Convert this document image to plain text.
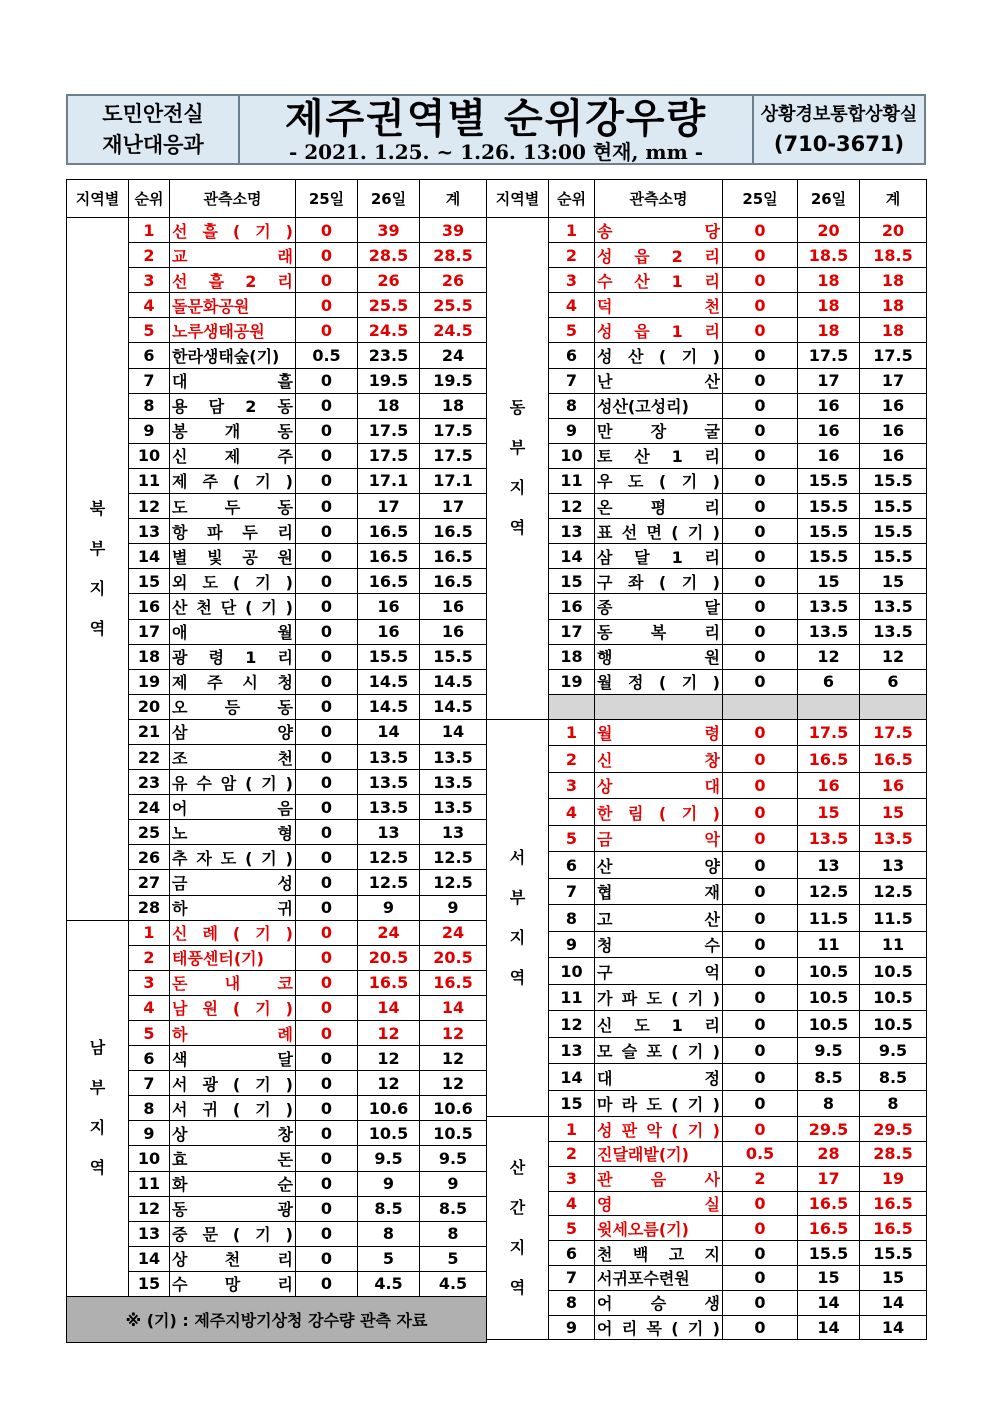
도민안전실
재난대응과
제주권역별 순위강우량
- 2021. 1.25. ~ 1.26. 13:00 현재, mm -
상황경보통합상황실
(710-3671)
지역별	순위	관측소명	25일	26일	계

북
부
지
역	1	선 흘 ( 기 )	0	39	39
	2	교 래	0	28.5	28.5
	3	선 흘 2 리	0	26	26
	4	돌문화공원	0	25.5	25.5
	5	노루생태공원	0	24.5	24.5
	6	한라생태숲(기)	0.5	23.5	24
	7	대 흘	0	19.5	19.5
	8	용 담 2 동	0	18	18
	9	봉 개 동	0	17.5	17.5
	10	신 제 주	0	17.5	17.5
	11	제 주 ( 기 )	0	17.1	17.1
	12	도 두 동	0	17	17
	13	항 파 두 리	0	16.5	16.5
	14	별 빛 공 원	0	16.5	16.5
	15	외 도 ( 기 )	0	16.5	16.5
	16	산 천 단 ( 기 )	0	16	16
	17	애 월	0	16	16
	18	광 령 1 리	0	15.5	15.5
	19	제 주 시 청	0	14.5	14.5
	20	오 등 동	0	14.5	14.5
	21	삼 양	0	14	14
	22	조 천	0	13.5	13.5
	23	유 수 암 ( 기 )	0	13.5	13.5
	24	어 음	0	13.5	13.5
	25	노 형	0	13	13
	26	추 자 도 ( 기 )	0	12.5	12.5
	27	금 성	0	12.5	12.5
	28	하 귀	0	9	9

남
부
지
역	1	신 례 ( 기 )	0	24	24
	2	태풍센터(기)	0	20.5	20.5
	3	돈 내 코	0	16.5	16.5
	4	남 원 ( 기 )	0	14	14
	5	하 례	0	12	12
	6	색 달	0	12	12
	7	서 광 ( 기 )	0	12	12
	8	서 귀 ( 기 )	0	10.6	10.6
	9	상 창	0	10.5	10.5
	10	효 돈	0	9.5	9.5
	11	화 순	0	9	9
	12	동 광	0	8.5	8.5
	13	중 문 ( 기 )	0	8	8
	14	상 천 리	0	5	5
	15	수 망 리	0	4.5	4.5
※ (기) : 제주지방기상청 강수량 관측 자료					
지역별	순위	관측소명	25일	26일	계

동
부
지
역	1	송 당	0	20	20
	2	성 읍 2 리	0	18.5	18.5
	3	수 산 1 리	0	18	18
	4	덕 천	0	18	18
	5	성 읍 1 리	0	18	18
	6	성 산 ( 기 )	0	17.5	17.5
	7	난 산	0	17	17
	8	성산(고성리)	0	16	16
	9	만 장 굴	0	16	16
	10	토 산 1 리	0	16	16
	11	우 도 ( 기 )	0	15.5	15.5
	12	온 평 리	0	15.5	15.5
	13	표 선 면 ( 기 )	0	15.5	15.5
	14	삼 달 1 리	0	15.5	15.5
	15	구 좌 ( 기 )	0	15	15
	16	종 달	0	13.5	13.5
	17	동 복 리	0	13.5	13.5
	18	행 원	0	12	12
	19	월 정 ( 기 )	0	6	6

서
부
지
역	1	월 령	0	17.5	17.5
	2	신 창	0	16.5	16.5
	3	상 대	0	16	16
	4	한 림 ( 기 )	0	15	15
	5	금 악	0	13.5	13.5
	6	산 양	0	13	13
	7	협 재	0	12.5	12.5
	8	고 산	0	11.5	11.5
	9	청 수	0	11	11
	10	구 억	0	10.5	10.5
	11	가 파 도 ( 기 )	0	10.5	10.5
	12	신 도 1 리	0	10.5	10.5
	13	모 슬 포 ( 기 )	0	9.5	9.5
	14	대 정	0	8.5	8.5
	15	마 라 도 ( 기 )	0	8	8

산
간
지
역	1	성 판 악 ( 기 )	0	29.5	29.5
	2	진달래밭(기)	0.5	28	28.5
	3	관 음 사	2	17	19
	4	영 실	0	16.5	16.5
	5	윗세오름(기)	0	16.5	16.5
	6	천 백 고 지	0	15.5	15.5
	7	서귀포수련원	0	15	15
	8	어 승 생	0	14	14
	9	어 리 목 ( 기 )	0	14	14
